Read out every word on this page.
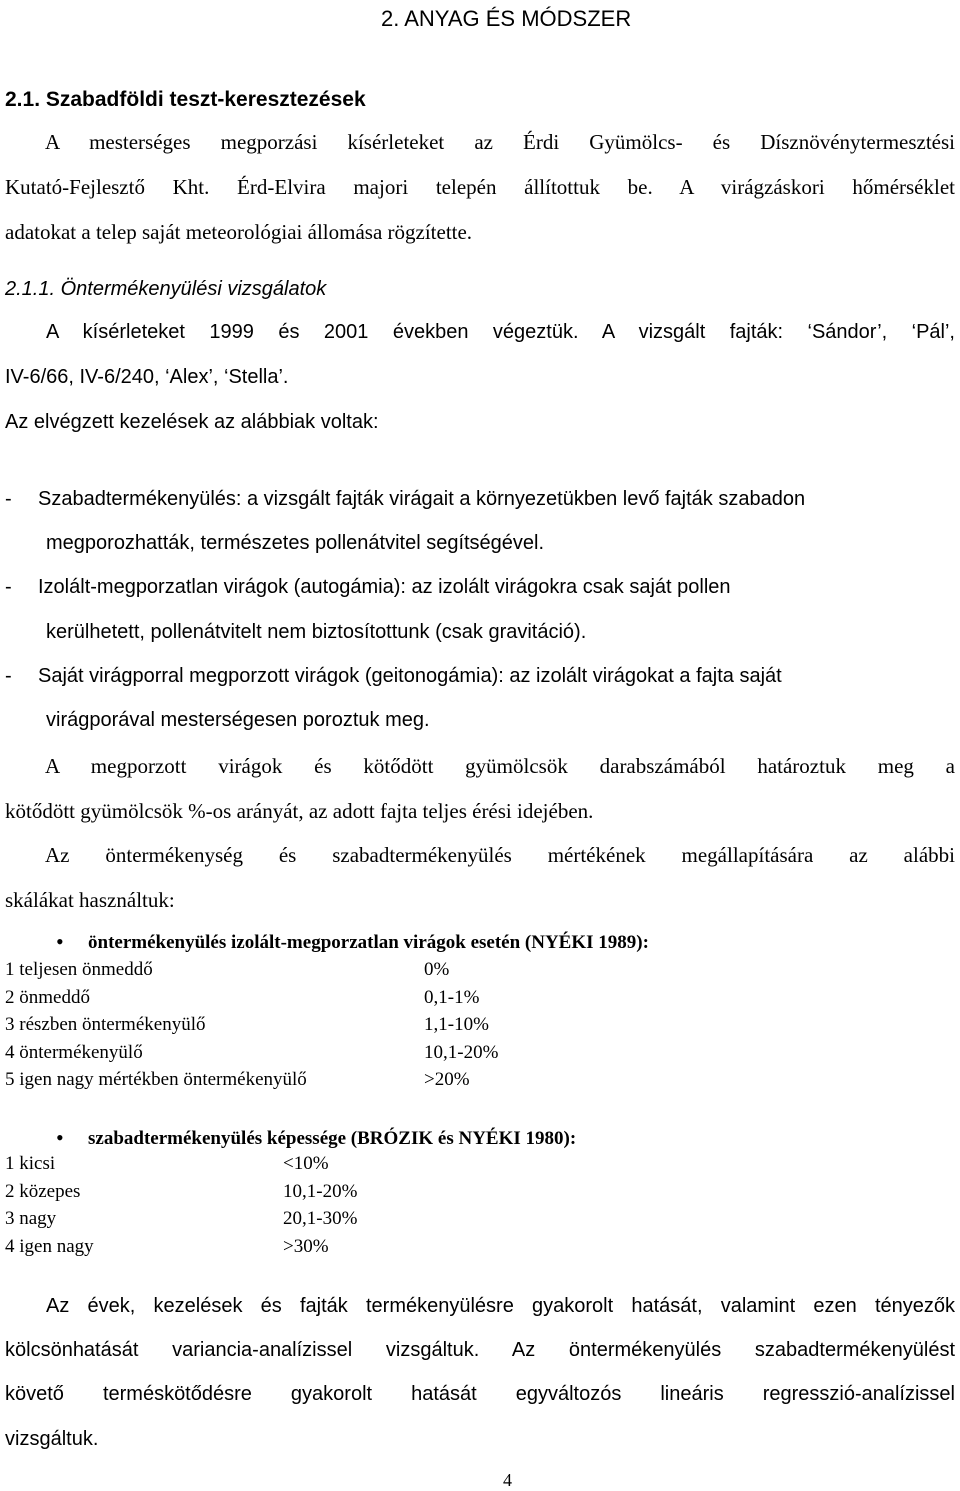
2. ANYAG ÉS MÓDSZER
2.1. Szabadföldi teszt-keresztezések
A mesterséges megporzási kísérleteket az Érdi Gyümölcs- és Dísznövénytermesztési
Kutató-Fejlesztő Kht. Érd-Elvira majori telepén állítottuk be. A virágzáskori hőmérséklet
adatokat a telep saját meteorológiai állomása rögzítette.
2.1.1. Öntermékenyülési vizsgálatok
A kísérleteket 1999 és 2001 években végeztük. A vizsgált fajták: ‘Sándor’, ‘Pál’,
IV-6/66, IV-6/240, ‘Alex’, ‘Stella’.
Az elvégzett kezelések az alábbiak voltak:
- Szabadtermékenyülés: a vizsgált fajták virágait a környezetükben levő fajták szabadon
megporozhatták, természetes pollenátvitel segítségével.
- Izolált-megporzatlan virágok (autogámia): az izolált virágokra csak saját pollen
kerülhetett, pollenátvitelt nem biztosítottunk (csak gravitáció).
- Saját virágporral megporzott virágok (geitonogámia): az izolált virágokat a fajta saját
virágporával mesterségesen poroztuk meg.
A megporzott virágok és kötődött gyümölcsök darabszámából határoztuk meg a
kötődött gyümölcsök %-os arányát, az adott fajta teljes érési idejében.
Az öntermékenység és szabadtermékenyülés mértékének megállapítására az alábbi
skálákat használtuk:
• öntermékenyülés izolált-megporzatlan virágok esetén (NYÉKI 1989):
1 teljesen önmeddő	0%
2 önmeddő	0,1-1%
3 részben öntermékenyülő	1,1-10%
4 öntermékenyülő	10,1-20%
5 igen nagy mértékben öntermékenyülő	>20%
• szabadtermékenyülés képessége (BRÓZIK és NYÉKI 1980):
1 kicsi	<10%
2 közepes	10,1-20%
3 nagy	20,1-30%
4 igen nagy	>30%
Az évek, kezelések és fajták termékenyülésre gyakorolt hatását, valamint ezen tényezők
kölcsönhatását variancia-analízissel vizsgáltuk. Az öntermékenyülés szabadtermékenyülést
követő terméskötődésre gyakorolt hatását egyváltozós lineáris regresszió-analízissel
vizsgáltuk.
4
